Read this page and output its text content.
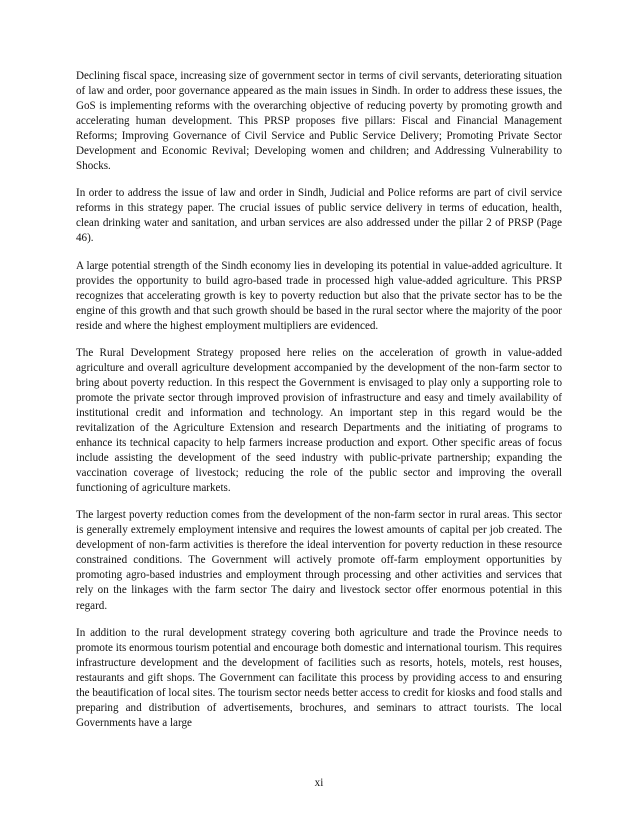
Declining fiscal space, increasing size of government sector in terms of civil servants, deteriorating situation of law and order, poor governance appeared as the main issues in Sindh. In order to address these issues, the GoS is implementing reforms with the overarching objective of reducing poverty by promoting growth and accelerating human development. This PRSP proposes five pillars: Fiscal and Financial Management Reforms; Improving Governance of Civil Service and Public Service Delivery; Promoting Private Sector Development and Economic Revival; Developing women and children; and Addressing Vulnerability to Shocks.

In order to address the issue of law and order in Sindh, Judicial and Police reforms are part of civil service reforms in this strategy paper. The crucial issues of public service delivery in terms of education, health, clean drinking water and sanitation, and urban services are also addressed under the pillar 2 of PRSP (Page 46).

A large potential strength of the Sindh economy lies in developing its potential in value-added agriculture. It provides the opportunity to build agro-based trade in processed high value-added agriculture. This PRSP recognizes that accelerating growth is key to poverty reduction but also that the private sector has to be the engine of this growth and that such growth should be based in the rural sector where the majority of the poor reside and where the highest employment multipliers are evidenced.

The Rural Development Strategy proposed here relies on the acceleration of growth in value-added agriculture and overall agriculture development accompanied by the development of the non-farm sector to bring about poverty reduction. In this respect the Government is envisaged to play only a supporting role to promote the private sector through improved provision of infrastructure and easy and timely availability of institutional credit and information and technology. An important step in this regard would be the revitalization of the Agriculture Extension and research Departments and the initiating of programs to enhance its technical capacity to help farmers increase production and export. Other specific areas of focus include assisting the development of the seed industry with public-private partnership; expanding the vaccination coverage of livestock; reducing the role of the public sector and improving the overall functioning of agriculture markets.

The largest poverty reduction comes from the development of the non-farm sector in rural areas. This sector is generally extremely employment intensive and requires the lowest amounts of capital per job created. The development of non-farm activities is therefore the ideal intervention for poverty reduction in these resource constrained conditions. The Government will actively promote off-farm employment opportunities by promoting agro-based industries and employment through processing and other activities and services that rely on the linkages with the farm sector The dairy and livestock sector offer enormous potential in this regard.

In addition to the rural development strategy covering both agriculture and trade the Province needs to promote its enormous tourism potential and encourage both domestic and international tourism. This requires infrastructure development and the development of facilities such as resorts, hotels, motels, rest houses, restaurants and gift shops. The Government can facilitate this process by providing access to and ensuring the beautification of local sites. The tourism sector needs better access to credit for kiosks and food stalls and preparing and distribution of advertisements, brochures, and seminars to attract tourists. The local Governments have a large

xi
